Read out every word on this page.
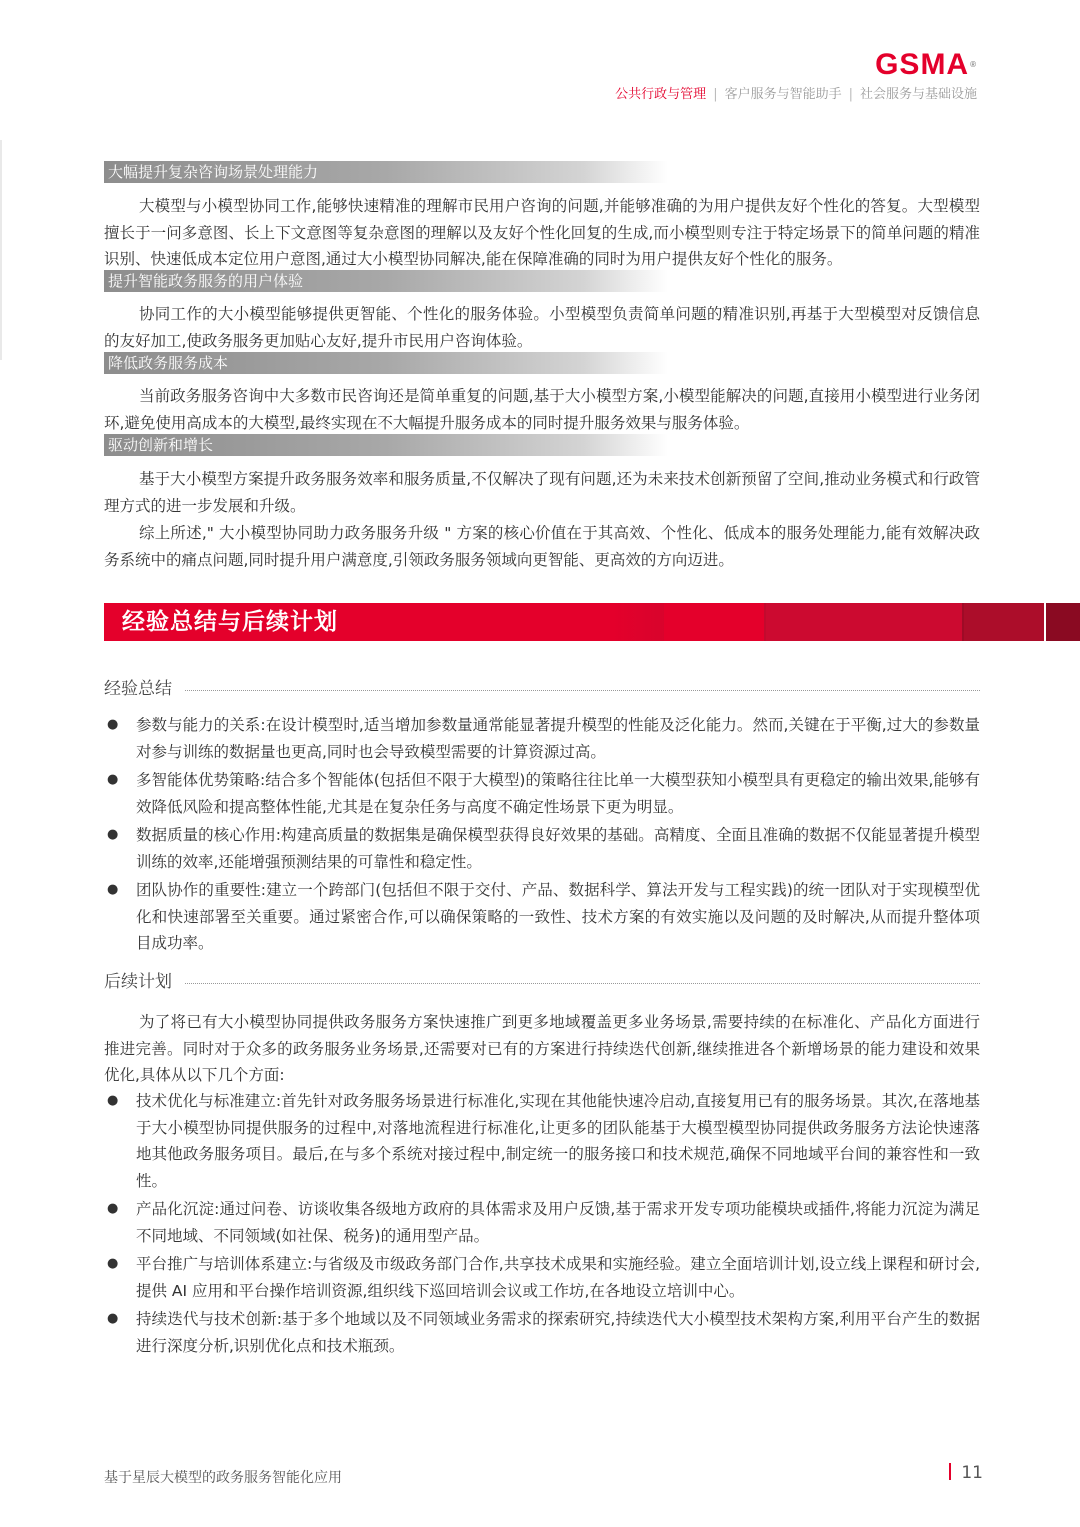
GSMA®
公共行政与管理 | 客户服务与智能助手 | 社会服务与基础设施
大幅提升复杂咨询场景处理能力
大模型与小模型协同工作,能够快速精准的理解市民用户咨询的问题,并能够准确的为用户提供友好个性化的答复。大型模型擅长于一问多意图、长上下文意图等复杂意图的理解以及友好个性化回复的生成,而小模型则专注于特定场景下的简单问题的精准识别、快速低成本定位用户意图,通过大小模型协同解决,能在保障准确的同时为用户提供友好个性化的服务。
提升智能政务服务的用户体验
协同工作的大小模型能够提供更智能、个性化的服务体验。小型模型负责简单问题的精准识别,再基于大型模型对反馈信息的友好加工,使政务服务更加贴心友好,提升市民用户咨询体验。
降低政务服务成本
当前政务服务咨询中大多数市民咨询还是简单重复的问题,基于大小模型方案,小模型能解决的问题,直接用小模型进行业务闭环,避免使用高成本的大模型,最终实现在不大幅提升服务成本的同时提升服务效果与服务体验。
驱动创新和增长
基于大小模型方案提升政务服务效率和服务质量,不仅解决了现有问题,还为未来技术创新预留了空间,推动业务模式和行政管理方式的进一步发展和升级。
综上所述," 大小模型协同助力政务服务升级 " 方案的核心价值在于其高效、个性化、低成本的服务处理能力,能有效解决政务系统中的痛点问题,同时提升用户满意度,引领政务服务领域向更智能、更高效的方向迈进。
经验总结与后续计划
经验总结
● 参数与能力的关系:在设计模型时,适当增加参数量通常能显著提升模型的性能及泛化能力。然而,关键在于平衡,过大的参数量对参与训练的数据量也更高,同时也会导致模型需要的计算资源过高。
● 多智能体优势策略:结合多个智能体(包括但不限于大模型)的策略往往比单一大模型获知小模型具有更稳定的输出效果,能够有效降低风险和提高整体性能,尤其是在复杂任务与高度不确定性场景下更为明显。
● 数据质量的核心作用:构建高质量的数据集是确保模型获得良好效果的基础。高精度、全面且准确的数据不仅能显著提升模型训练的效率,还能增强预测结果的可靠性和稳定性。
● 团队协作的重要性:建立一个跨部门(包括但不限于交付、产品、数据科学、算法开发与工程实践)的统一团队对于实现模型优化和快速部署至关重要。通过紧密合作,可以确保策略的一致性、技术方案的有效实施以及问题的及时解决,从而提升整体项目成功率。
后续计划
为了将已有大小模型协同提供政务服务方案快速推广到更多地域覆盖更多业务场景,需要持续的在标准化、产品化方面进行推进完善。同时对于众多的政务服务业务场景,还需要对已有的方案进行持续迭代创新,继续推进各个新增场景的能力建设和效果优化,具体从以下几个方面:
● 技术优化与标准建立:首先针对政务服务场景进行标准化,实现在其他能快速冷启动,直接复用已有的服务场景。其次,在落地基于大小模型协同提供服务的过程中,对落地流程进行标准化,让更多的团队能基于大模型模型协同提供政务服务方法论快速落地其他政务服务项目。最后,在与多个系统对接过程中,制定统一的服务接口和技术规范,确保不同地域平台间的兼容性和一致性。
● 产品化沉淀:通过问卷、访谈收集各级地方政府的具体需求及用户反馈,基于需求开发专项功能模块或插件,将能力沉淀为满足不同地域、不同领域(如社保、税务)的通用型产品。
● 平台推广与培训体系建立:与省级及市级政务部门合作,共享技术成果和实施经验。建立全面培训计划,设立线上课程和研讨会,提供 AI 应用和平台操作培训资源,组织线下巡回培训会议或工作坊,在各地设立培训中心。
● 持续迭代与技术创新:基于多个地域以及不同领域业务需求的探索研究,持续迭代大小模型技术架构方案,利用平台产生的数据进行深度分析,识别优化点和技术瓶颈。
基于星辰大模型的政务服务智能化应用	11
